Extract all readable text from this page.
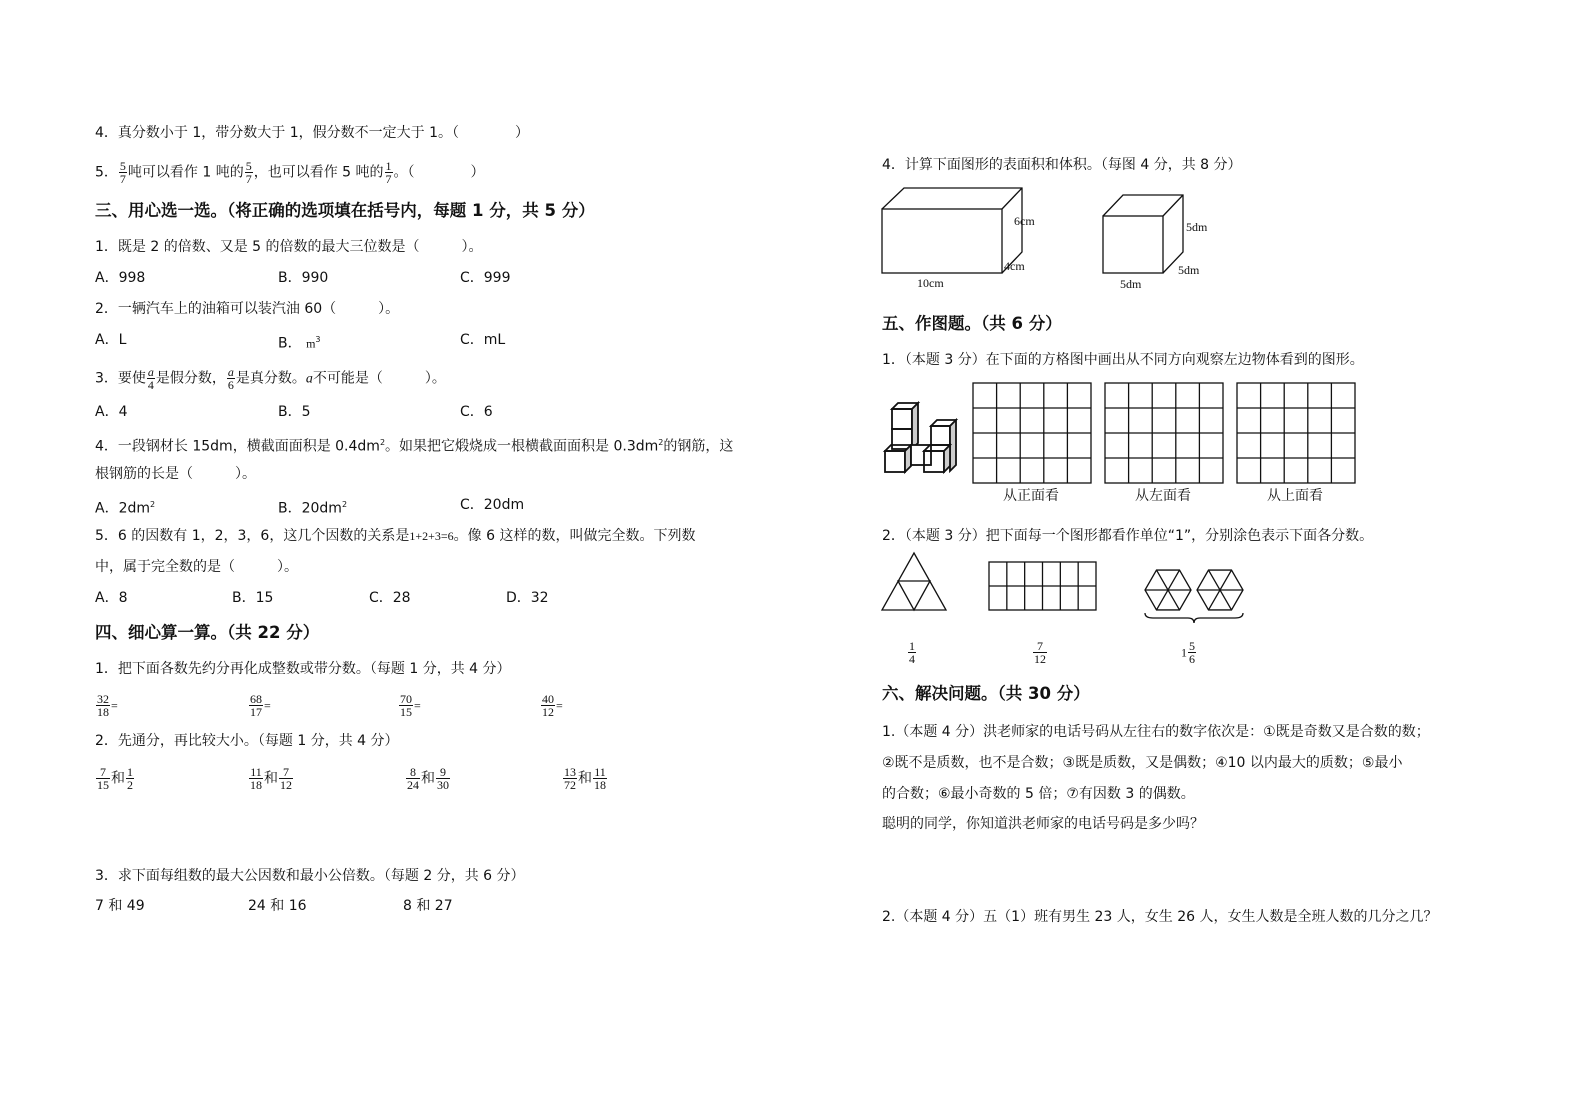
4．真分数小于 1，带分数大于 1，假分数不一定大于 1。（　　　　）
5． $\frac{5}{7}$ 吨可以看作 1 吨的 $\frac{5}{7}$ ，也可以看作 5 吨的 $\frac{1}{7}$ 。（　　　　）
三、用心选一选。（将正确的选项填在括号内，每题 1 分，共 5 分）
1．既是 2 的倍数、又是 5 的倍数的最大三位数是（　　　）。
A．998	B．990	C．999
2．一辆汽车上的油箱可以装汽油 60（　　　）。
A．L	B． $m^3$	C．mL
3．要使 $\frac{a}{4}$ 是假分数， $\frac{a}{6}$ 是真分数。a不可能是（　　　）。
A．4	B．5	C．6
4．一段钢材长 15dm，横截面面积是 $0.4dm^2$。如果把它煅烧成一根横截面面积是 $0.3dm^2$的钢筋，这
根钢筋的长是（　　　）。
A．$2dm^2$	B．$20dm^2$	C．20dm
5．6 的因数有 1，2，3，6，这几个因数的关系是1+2+3=6。像 6 这样的数，叫做完全数。下列数
中，属于完全数的是（　　　）。
A．8	B．15	C．28	D．32
四、细心算一算。（共 22 分）
1．把下面各数先约分再化成整数或带分数。（每题 1 分，共 4 分）
$\frac{32}{18}$ =	$\frac{68}{17}$ =	$\frac{70}{15}$ =	$\frac{40}{12}$ =
2．先通分，再比较大小。（每题 1 分，共 4 分）
$\frac{7}{15}$ 和 $\frac{1}{2}$	$\frac{11}{18}$ 和 $\frac{7}{12}$	$\frac{8}{24}$ 和 $\frac{9}{30}$	$\frac{13}{72}$ 和 $\frac{11}{18}$
3．求下面每组数的最大公因数和最小公倍数。（每题 2 分，共 6 分）
7 和 49	24 和 16	8 和 27
4．计算下面图形的表面积和体积。（每图 4 分，共 8 分）
6cm
4cm
10cm
5dm
5dm
5dm
五、作图题。（共 6 分）
1．（本题 3 分）在下面的方格图中画出从不同方向观察左边物体看到的图形。
从正面看	从左面看	从上面看
2．（本题 3 分）把下面每一个图形都看作单位“1”，分别涂色表示下面各分数。
$\frac{1}{4}$	$\frac{7}{12}$	$1 \frac{5}{6}$
六、解决问题。（共 30 分）
1.（本题 4 分）洪老师家的电话号码从左往右的数字依次是：①既是奇数又是合数的数；
②既不是质数，也不是合数；③既是质数，又是偶数；④10 以内最大的质数；⑤最小
的合数；⑥最小奇数的 5 倍；⑦有因数 3 的偶数。
聪明的同学，你知道洪老师家的电话号码是多少吗？
2.（本题 4 分）五（1）班有男生 23 人，女生 26 人，女生人数是全班人数的几分之几？
